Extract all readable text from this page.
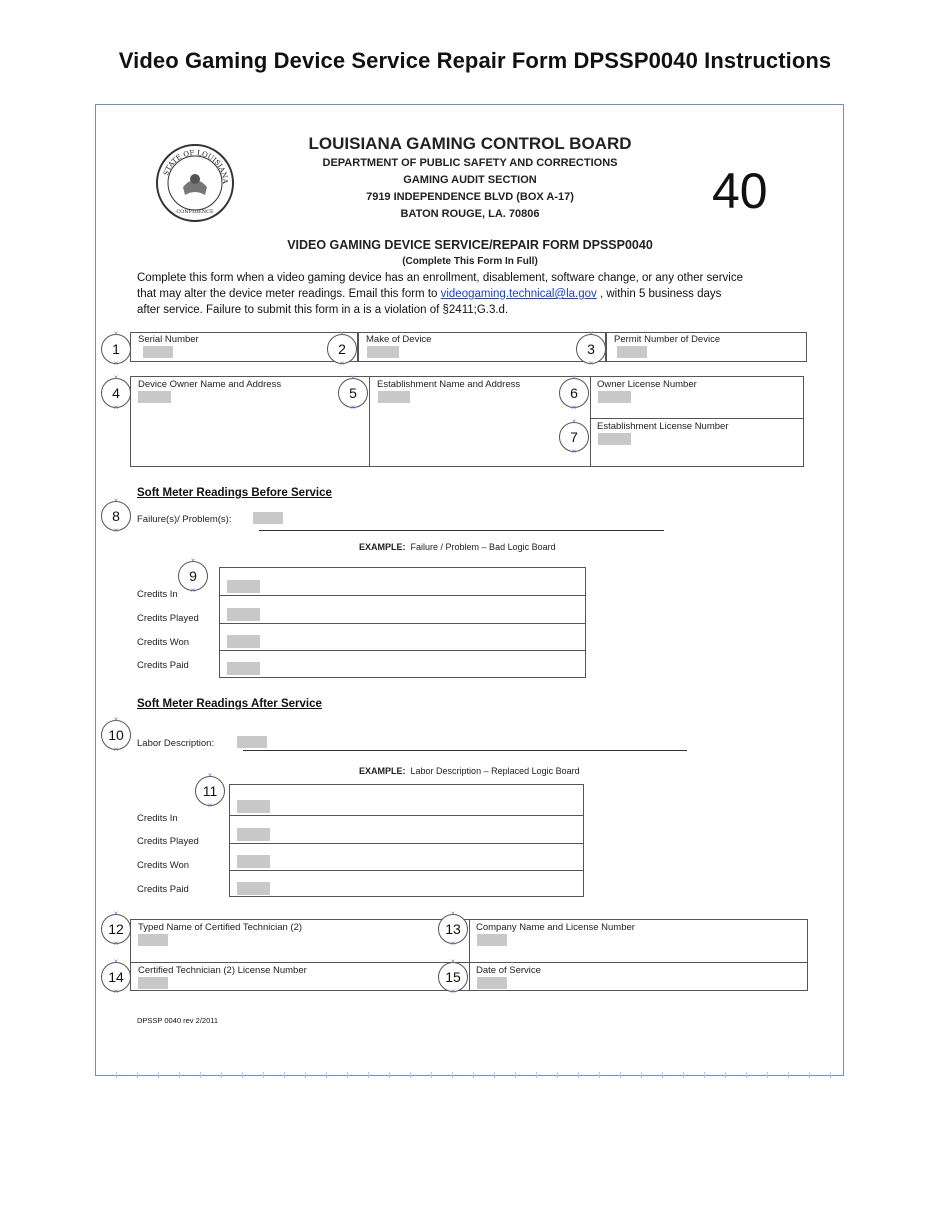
Video Gaming Device Service Repair Form DPSSP0040 Instructions
STATE OF LOUISIANA
CONFIDENCE
LOUISIANA GAMING CONTROL BOARD
DEPARTMENT OF PUBLIC SAFETY AND CORRECTIONS
GAMING AUDIT SECTION
7919 INDEPENDENCE BLVD (BOX A-17)
BATON ROUGE, LA. 70806	40
VIDEO GAMING DEVICE SERVICE/REPAIR FORM DPSSP0040
(Complete This Form In Full)
Complete this form when a video gaming device has an enrollment, disablement, software change, or any other service
that may alter the device meter readings. Email this form to videogaming.technical@la.gov , within 5 business days
after service. Failure to submit this form in a is a violation of §2411;G.3.d.
Serial Number	Make of Device	Permit Number of Device
Device Owner Name and Address	Establishment Name and Address	Owner License Number
Establishment License Number
Soft Meter Readings Before Service
Failure(s)/ Problem(s):
EXAMPLE: Failure / Problem – Bad Logic Board
Credits In
Credits Played
Credits Won
Credits Paid
Soft Meter Readings After Service
Labor Description:
EXAMPLE: Labor Description – Replaced Logic Board
Credits In
Credits Played
Credits Won
Credits Paid
Typed Name of Certified Technician (2)	Company Name and License Number
Certified Technician (2) License Number	Date of Service
DPSSP 0040 rev 2/2011
× 1 ×	× 2 ×	× 3 ×
× 4 ×	× 5 ×	× 6 ×
× 7 ×
× 8 ×
× 9 ×
× 10 ×
× 11 ×
× 12 ×	× 13 ×
× 14 ×	× 15 ×
